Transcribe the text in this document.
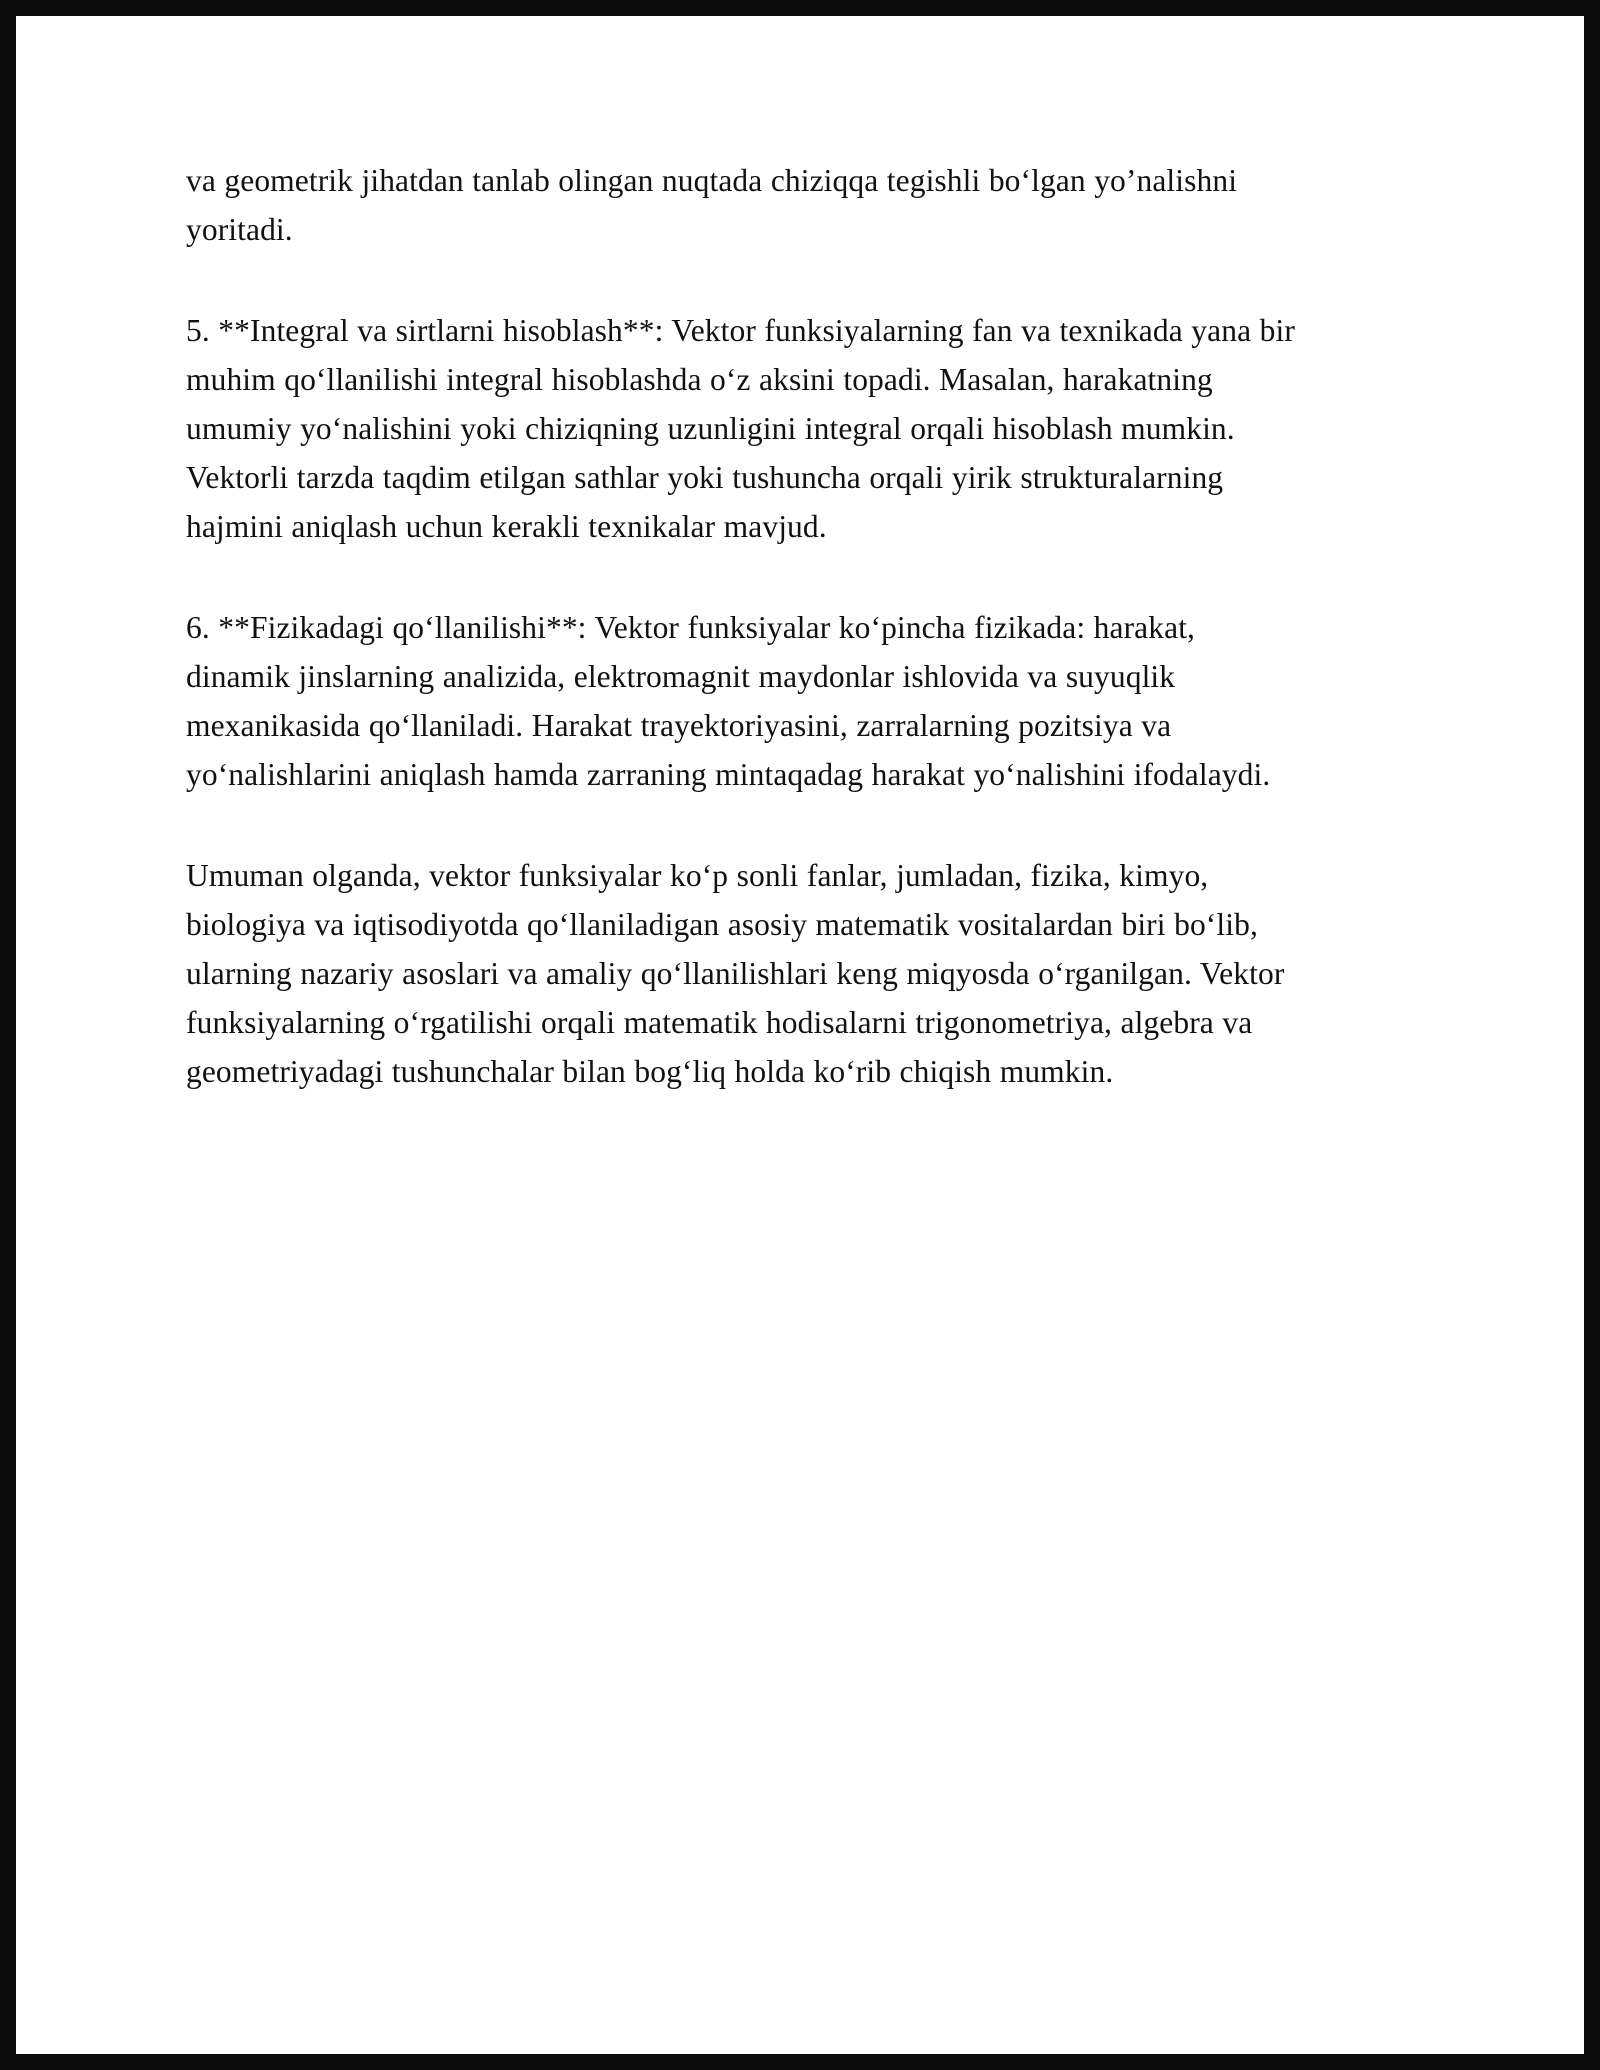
va geometrik jihatdan tanlab olingan nuqtada chiziqqa tegishli bo‘lgan yo’nalishni yoritadi.

5. **Integral va sirtlarni hisoblash**: Vektor funksiyalarning fan va texnikada yana bir muhim qo‘llanilishi integral hisoblashda o‘z aksini topadi. Masalan, harakatning umumiy yo‘nalishini yoki chiziqning uzunligini integral orqali hisoblash mumkin. Vektorli tarzda taqdim etilgan sathlar yoki tushuncha orqali yirik strukturalarning hajmini aniqlash uchun kerakli texnikalar mavjud.

6. **Fizikadagi qo‘llanilishi**: Vektor funksiyalar ko‘pincha fizikada: harakat, dinamik jinslarning analizida, elektromagnit maydonlar ishlovida va suyuqlik mexanikasida qo‘llaniladi. Harakat trayektoriyasini, zarralarning pozitsiya va yo‘nalishlarini aniqlash hamda zarraning mintaqadag harakat yo‘nalishini ifodalaydi.

Umuman olganda, vektor funksiyalar ko‘p sonli fanlar, jumladan, fizika, kimyo, biologiya va iqtisodiyotda qo‘llaniladigan asosiy matematik vositalardan biri bo‘lib, ularning nazariy asoslari va amaliy qo‘llanilishlari keng miqyosda o‘rganilgan. Vektor funksiyalarning o‘rgatilishi orqali matematik hodisalarni trigonometriya, algebra va geometriyadagi tushunchalar bilan bog‘liq holda ko‘rib chiqish mumkin.
